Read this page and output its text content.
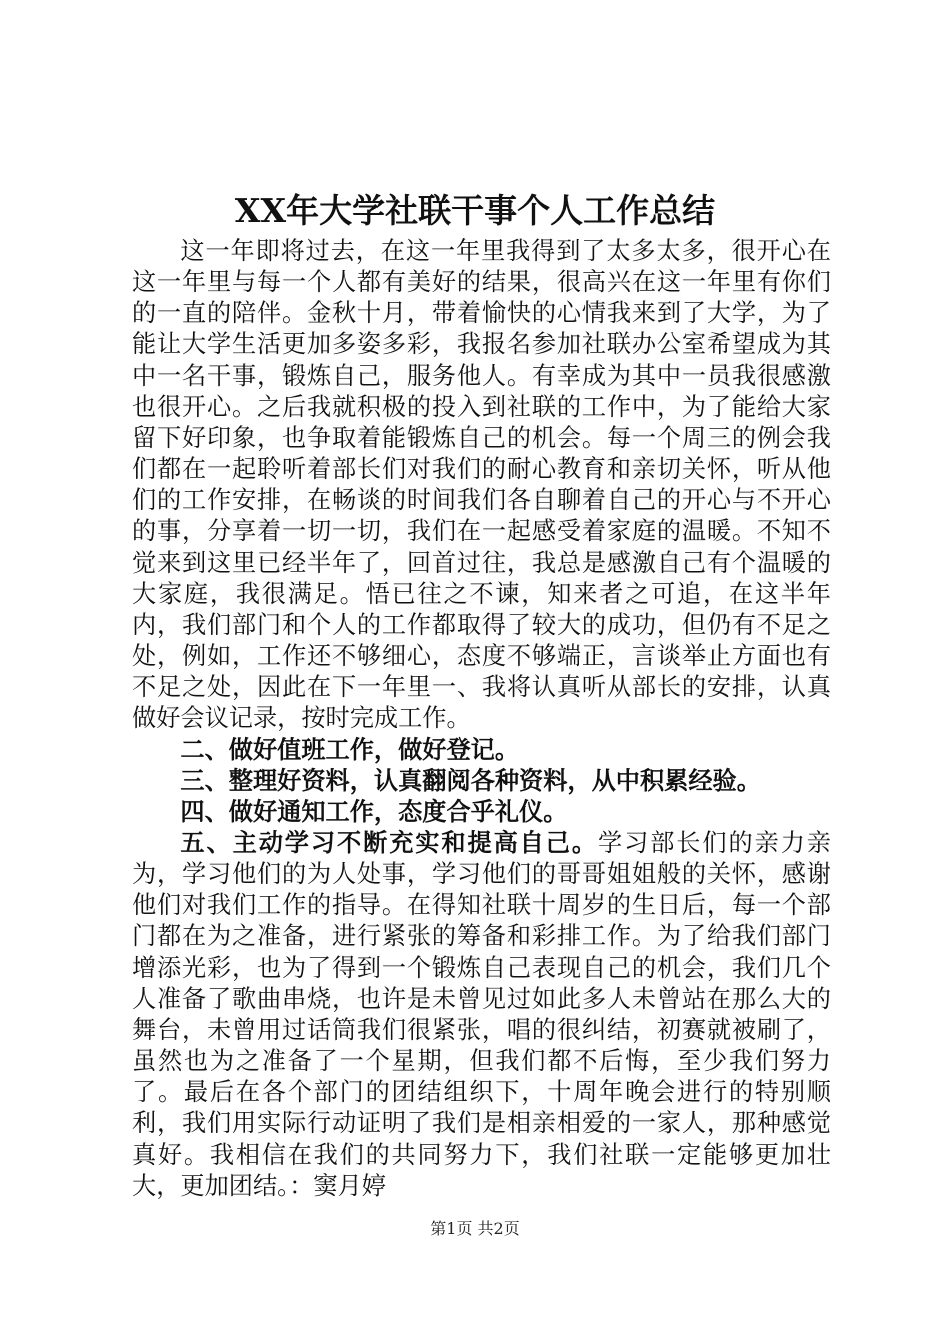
XX年大学社联干事个人工作总结

这一年即将过去，在这一年里我得到了太多太多，很开心在这一年里与每一个人都有美好的结果，很高兴在这一年里有你们的一直的陪伴。金秋十月，带着愉快的心情我来到了大学，为了能让大学生活更加多姿多彩，我报名参加社联办公室希望成为其中一名干事，锻炼自己，服务他人。有幸成为其中一员我很感激也很开心。之后我就积极的投入到社联的工作中，为了能给大家留下好印象，也争取着能锻炼自己的机会。每一个周三的例会我们都在一起聆听着部长们对我们的耐心教育和亲切关怀，听从他们的工作安排，在畅谈的时间我们各自聊着自己的开心与不开心的事，分享着一切一切，我们在一起感受着家庭的温暖。不知不觉来到这里已经半年了，回首过往，我总是感激自己有个温暖的大家庭，我很满足。悟已往之不谏，知来者之可追，在这半年内，我们部门和个人的工作都取得了较大的成功，但仍有不足之处，例如，工作还不够细心，态度不够端正，言谈举止方面也有不足之处，因此在下一年里一、我将认真听从部长的安排，认真做好会议记录，按时完成工作。

二、做好值班工作，做好登记。

三、整理好资料，认真翻阅各种资料，从中积累经验。

四、做好通知工作，态度合乎礼仪。

五、主动学习不断充实和提高自己。学习部长们的亲力亲为，学习他们的为人处事，学习他们的哥哥姐姐般的关怀，感谢他们对我们工作的指导。在得知社联十周岁的生日后，每一个部门都在为之准备，进行紧张的筹备和彩排工作。为了给我们部门增添光彩，也为了得到一个锻炼自己表现自己的机会，我们几个人准备了歌曲串烧，也许是未曾见过如此多人未曾站在那么大的舞台，未曾用过话筒我们很紧张，唱的很纠结，初赛就被刷了，虽然也为之准备了一个星期，但我们都不后悔，至少我们努力了。最后在各个部门的团结组织下，十周年晚会进行的特别顺利，我们用实际行动证明了我们是相亲相爱的一家人，那种感觉真好。我相信在我们的共同努力下，我们社联一定能够更加壮大，更加团结。：窦月婷

第1页 共2页
